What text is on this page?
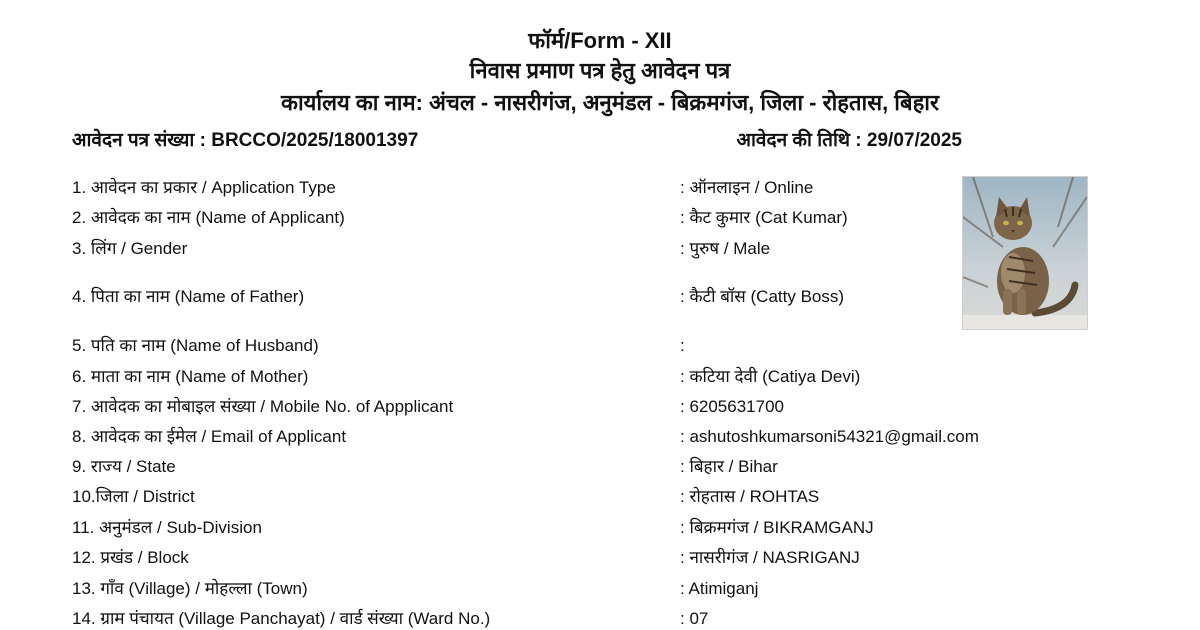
फॉर्म/Form - XII
निवास प्रमाण पत्र हेतु आवेदन पत्र
कार्यालय का नाम: अंचल - नासरीगंज, अनुमंडल - बिक्रमगंज, जिला - रोहतास, बिहार
आवेदन पत्र संख्या : BRCCO/2025/18001397	आवेदन की तिथि : 29/07/2025
1. आवेदन का प्रकार / Application Type	: ऑनलाइन / Online
2. आवेदक का नाम (Name of Applicant)	: कैट कुमार (Cat Kumar)
3. लिंग / Gender	: पुरुष / Male
4. पिता का नाम (Name of Father)	: कैटी बॉस (Catty Boss)
5. पति का नाम (Name of Husband)	:
6. माता का नाम (Name of Mother)	: कटिया देवी (Catiya Devi)
7. आवेदक का मोबाइल संख्या / Mobile No. of Appplicant	: 6205631700
8. आवेदक का ईमेल / Email of Applicant	: ashutoshkumarsoni54321@gmail.com
9. राज्य / State	: बिहार / Bihar
10.जिला / District	: रोहतास / ROHTAS
11. अनुमंडल / Sub-Division	: बिक्रमगंज / BIKRAMGANJ
12. प्रखंड / Block	: नासरीगंज / NASRIGANJ
13. गाँव (Village) / मोहल्ला (Town)	: Atimiganj
14. ग्राम पंचायत (Village Panchayat) / वार्ड संख्या (Ward No.)	: 07
